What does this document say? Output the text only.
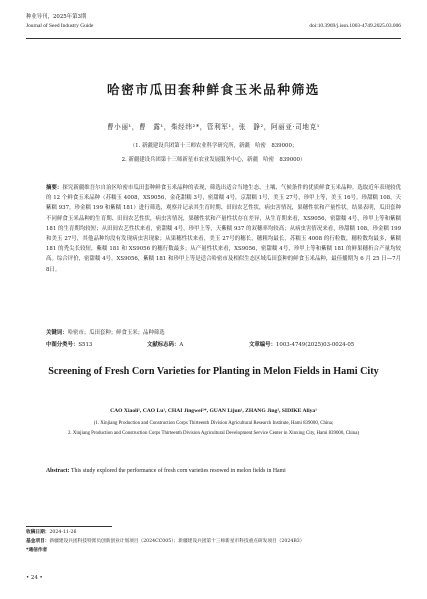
种业导刊，2025年第3期
Journal of Seed Industry Guide	doi:10.3969/j.issn.1003-4749.2025.03.006
哈密市瓜田套种鲜食玉米品种筛选
曹小丽¹，曹　露¹，柴经纬²*，管利军¹，张　静²，阿丽亚·司地克¹
（1. 新疆建设兵团第十三师农业科学研究所，新疆　哈密　839000；
2. 新疆建设兵团第十三师新星市农业发展服务中心，新疆　哈密　839000）
摘要：探究新疆维吾尔自治区哈密市瓜田套种鲜食玉米品种的表现，筛选出适合当地生态、土壤、气候条件的优质鲜食玉米品种。选取近年表现较优的 12 个鲜食玉米品种（苏糯玉 4008，XS9056，金花甜糯 3号，密甜糯 4号，京甜糯 1号，美玉 27号，珍甲上等，美玉 16号，珍甜糯 108，天紫糯 937，珍金糯 199 和紫糯 181）进行筛选，观察并记录其生育时期、田间农艺性状，病虫害情况，果穗性状和产量性状。结果表明，瓜田套种不同鲜食玉米品种的生育期、田间农艺性状，病虫害情况，果穗性状和产量性状存在差异，从生育期来看，XS9056，密甜糯 4号，珍甲上等和紫糯 181 的生育期均较短；从田间农艺性状来看，密甜糯 4号，珍甲上等，天紫糯 937 的双穗率均较高；从病虫害情况来看，珍甜糯 108，珍金糯 199 和美玉 27号，其他品种均没有发现病虫害现象；从果穗性状来看，美玉 27号的穗长，穗粗均最长，苏糯玉 4008 的行粒数，穗粒数均最多，紫糯 181 的秃尖长较短，紫糯 181 和 XS9056 的穗行数最多；从产量性状来看，XS9056，密甜糯 4号，珍甲上等和紫糯 181 的鲜果穗折合产量均较高。综合评价，密甜糯 4号，XS9056，紫糯 181 和珍甲上等是适合哈密市及相似生态区域瓜田套种的鲜食玉米品种，最佳播期为 6 月 25 日—7月8日。
关键词：哈密市；瓜田套种；鲜食玉米；品种筛选
中图分类号：S513	文献标志码：A	文章编号：1003-4749(2025)03-0024-05
Screening of Fresh Corn Varieties for Planting in Melon Fields in Hami City
CAO Xiaoli¹, CAO Lu¹, CHAI Jingwei²*, GUAN Lijun¹, ZHANG Jing², SIDIKE Aliya¹
(1. Xinjiang Production and Construction Corps Thirteenth Division Agricultural Research Institute, Hami 839000, China;
2. Xinjiang Production and Construction Corps Thirteenth Division Agricultural Development Service Center in Xinxing City, Hami 839000, China)
Abstract: This study explored the performance of fresh corn varieties resowed in melon fields in Hami
收稿日期：2024-11-26
基金项目：新疆建设兵团科技特派员创新创业计划项目（2024CC005）；新疆建设兵团第十三师新星市科技重点研发项目（2024B3）
*通信作者
• 24 •
